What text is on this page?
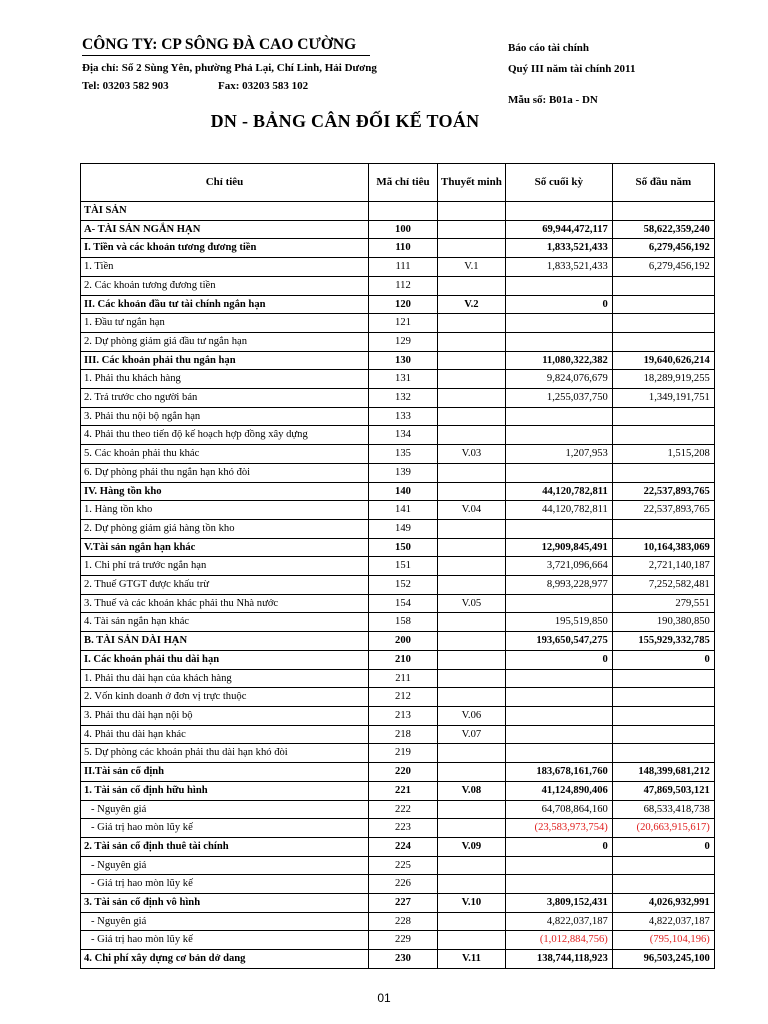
CÔNG TY: CP SÔNG ĐÀ CAO CƯỜNG
Địa chỉ: Số 2 Sùng Yên, phường Phả Lại, Chí Linh, Hải Dương
Tel: 03203 582 903	Fax: 03203 583 102
Báo cáo tài chính
Quý III năm tài chính 2011
Mẫu số: B01a - DN
DN - BẢNG CÂN ĐỐI KẾ TOÁN
Chỉ tiêu	Mã chỉ tiêu	Thuyết minh	Số cuối kỳ	Số đầu năm
TÀI SẢN				
A- TÀI SẢN NGẮN HẠN	100		69,944,472,117	58,622,359,240
I. Tiền và các khoản tương đương tiền	110		1,833,521,433	6,279,456,192
1. Tiền	111	V.1	1,833,521,433	6,279,456,192
2. Các khoản tương đương tiền	112			
II. Các khoản đầu tư tài chính ngắn hạn	120	V.2	0	
1. Đầu tư ngắn hạn	121			
2. Dự phòng giảm giá đầu tư ngắn hạn	129			
III. Các khoản phải thu ngắn hạn	130		11,080,322,382	19,640,626,214
1. Phải thu khách hàng	131		9,824,076,679	18,289,919,255
2. Trả trước cho người bán	132		1,255,037,750	1,349,191,751
3. Phải thu nội bộ ngắn hạn	133			
4. Phải thu theo tiến độ kế hoạch hợp đồng xây dựng	134			
5. Các khoản phải thu khác	135	V.03	1,207,953	1,515,208
6. Dự phòng phải thu ngắn hạn khó đòi	139			
IV. Hàng tồn kho	140		44,120,782,811	22,537,893,765
1. Hàng tồn kho	141	V.04	44,120,782,811	22,537,893,765
2. Dự phòng giảm giá hàng tồn kho	149			
V.Tài sản ngắn hạn khác	150		12,909,845,491	10,164,383,069
1. Chi phí trả trước ngắn hạn	151		3,721,096,664	2,721,140,187
2. Thuế GTGT được khấu trừ	152		8,993,228,977	7,252,582,481
3. Thuế và các khoản khác phải thu Nhà nước	154	V.05		279,551
4. Tài sản ngắn hạn khác	158		195,519,850	190,380,850
B. TÀI SẢN DÀI HẠN	200		193,650,547,275	155,929,332,785
I. Các khoản phải thu dài hạn	210		0	0
1. Phải thu dài hạn của khách hàng	211			
2. Vốn kinh doanh ở đơn vị trực thuộc	212			
3. Phải thu dài hạn nội bộ	213	V.06		
4. Phải thu dài hạn khác	218	V.07		
5. Dự phòng các khoản phải thu dài hạn khó đòi	219			
II.Tài sản cố định	220		183,678,161,760	148,399,681,212
1. Tài sản cố định hữu hình	221	V.08	41,124,890,406	47,869,503,121
- Nguyên giá	222		64,708,864,160	68,533,418,738
- Giá trị hao mòn lũy kế	223		(23,583,973,754)	(20,663,915,617)
2. Tài sản cố định thuê tài chính	224	V.09	0	0
- Nguyên giá	225			
- Giá trị hao mòn lũy kế	226			
3. Tài sản cố định vô hình	227	V.10	3,809,152,431	4,026,932,991
- Nguyên giá	228		4,822,037,187	4,822,037,187
- Giá trị hao mòn lũy kế	229		(1,012,884,756)	(795,104,196)
4. Chi phí xây dựng cơ bản dở dang	230	V.11	138,744,118,923	96,503,245,100
01
